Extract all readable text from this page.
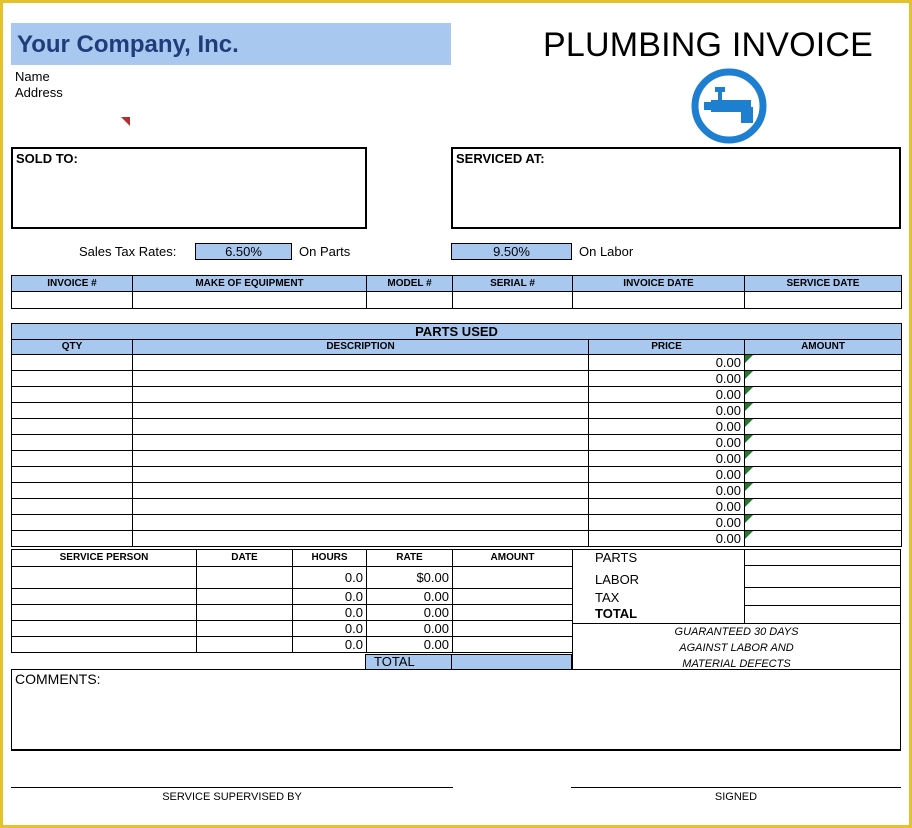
Your Company, Inc.
Name
Address
PLUMBING INVOICE
SOLD TO:	SERVICED AT:
Sales Tax Rates:	6.50%	On Parts	9.50%	On Labor
INVOICE #	MAKE OF EQUIPMENT	MODEL #	SERIAL #	INVOICE DATE	SERVICE DATE

PARTS USED			
QTY	DESCRIPTION	PRICE	AMOUNT
		0.00	

		0.00	

		0.00	

		0.00	

		0.00	

		0.00	

		0.00	

		0.00	

		0.00	

		0.00	

		0.00	

		0.00	
SERVICE PERSON	DATE	HOURS	RATE	AMOUNT
		0.0	$0.00	
		0.0	0.00	
		0.0	0.00	
		0.0	0.00	
		0.0	0.00	
PARTS
LABOR
TAX
TOTAL
TOTAL
GUARANTEED 30 DAYS
AGAINST LABOR AND
MATERIAL DEFECTS
COMMENTS:
SERVICE SUPERVISED BY	SIGNED
